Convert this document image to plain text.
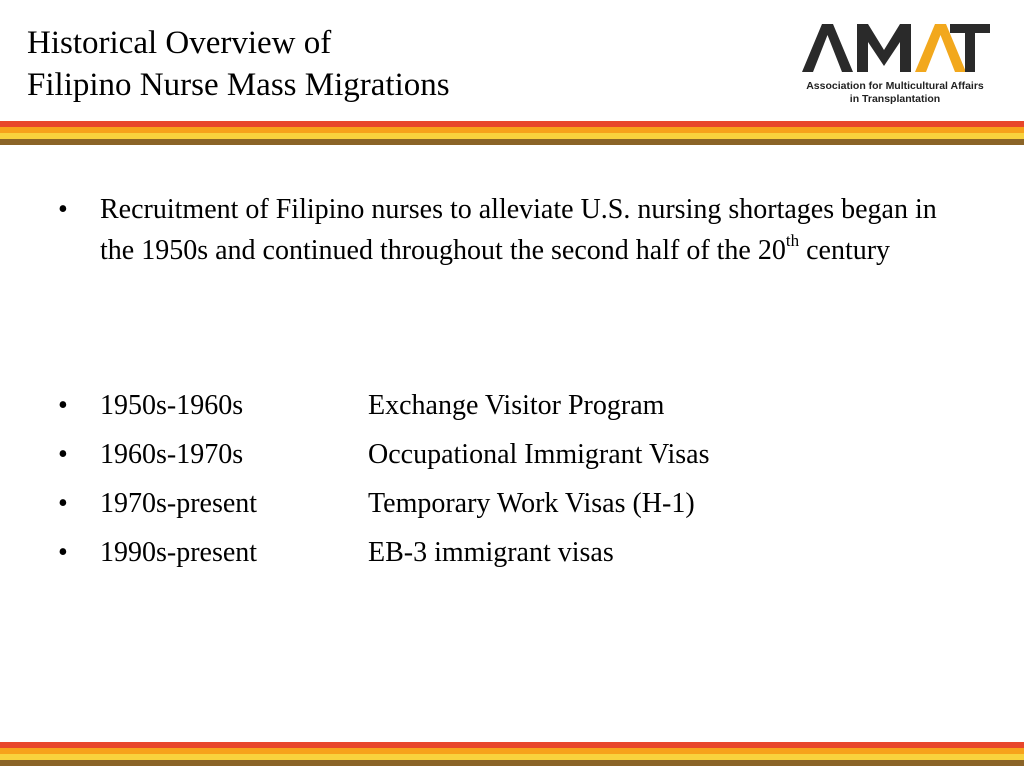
Historical Overview of
Filipino Nurse Mass Migrations	Association for Multicultural Affairs
in Transplantation
• Recruitment of Filipino nurses to alleviate U.S. nursing shortages began in the 1950s and continued throughout the second half of the 20th century
• 1950s-1960s	Exchange Visitor Program
• 1960s-1970s	Occupational Immigrant Visas
• 1970s-present	Temporary Work Visas (H-1)
• 1990s-present	EB-3 immigrant visas
